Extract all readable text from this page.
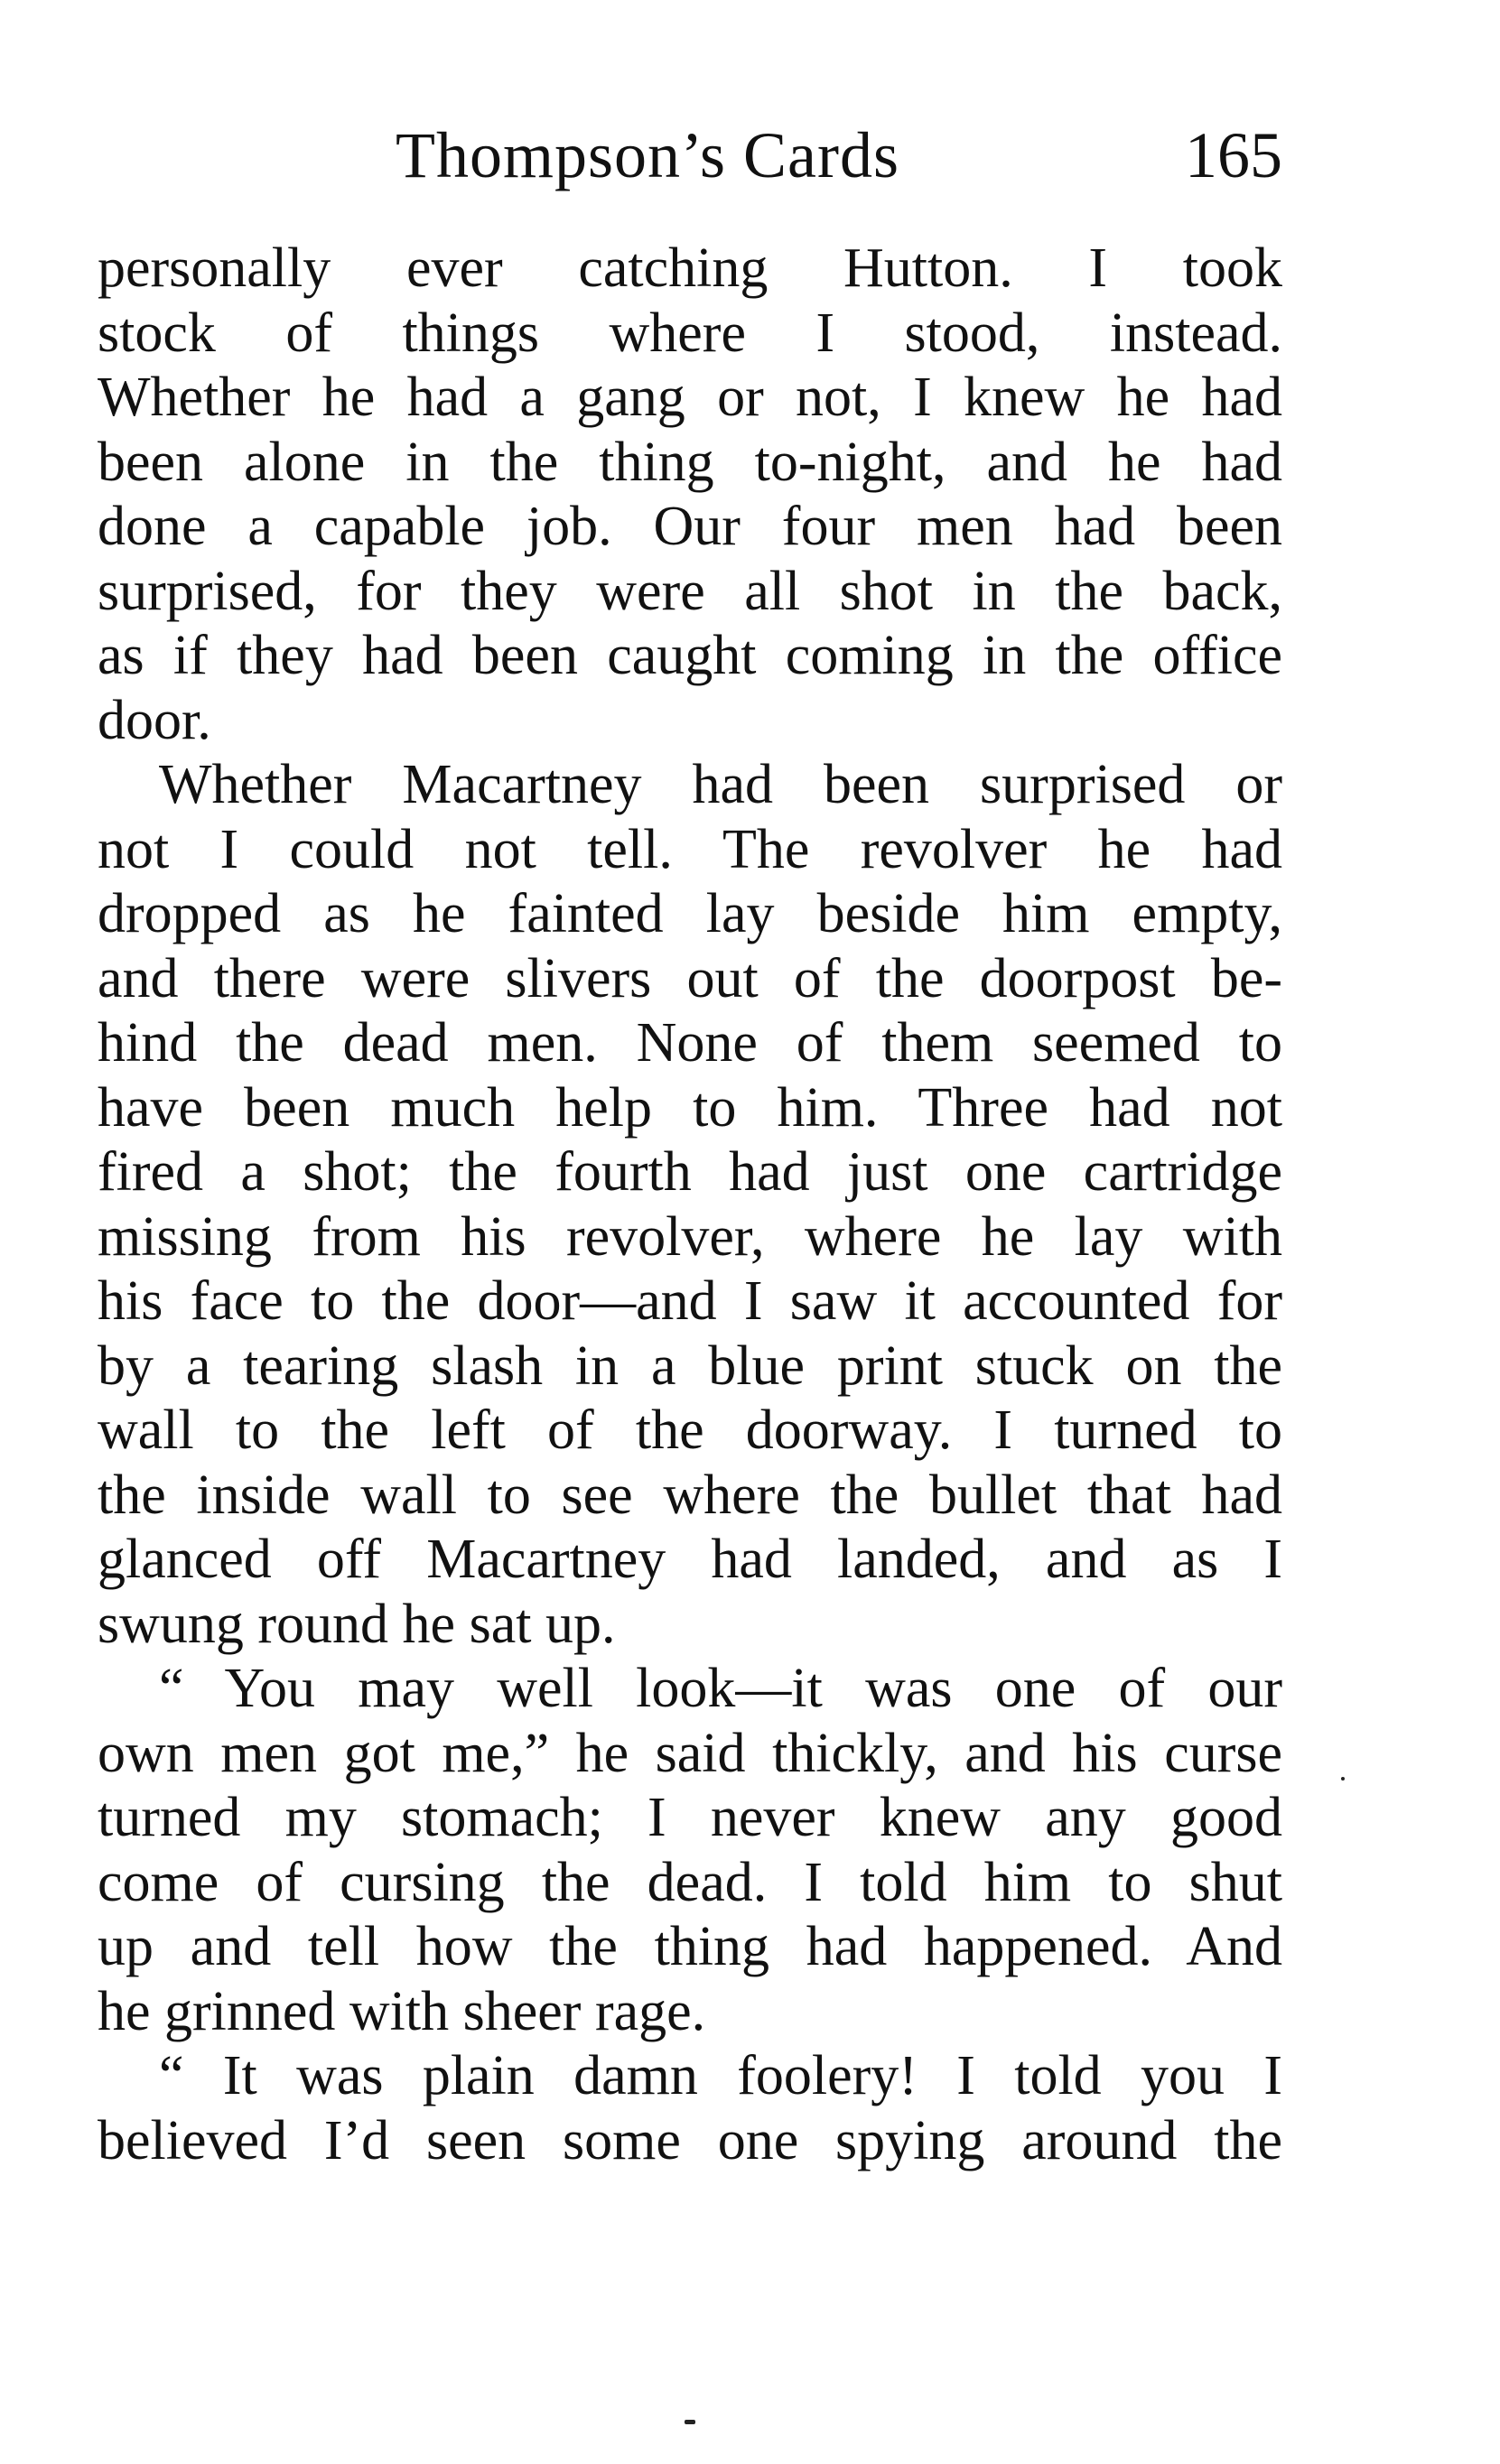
Thompson’s Cards	165
personally ever catching Hutton. I took
stock of things where I stood, instead.
Whether he had a gang or not, I knew he had
been alone in the thing to-night, and he had
done a capable job. Our four men had been
surprised, for they were all shot in the back,
as if they had been caught coming in the office
door.
Whether Macartney had been surprised or
not I could not tell. The revolver he had
dropped as he fainted lay beside him empty,
and there were slivers out of the doorpost be-
hind the dead men. None of them seemed to
have been much help to him. Three had not
fired a shot; the fourth had just one cartridge
missing from his revolver, where he lay with
his face to the door—and I saw it accounted for
by a tearing slash in a blue print stuck on the
wall to the left of the doorway. I turned to
the inside wall to see where the bullet that had
glanced off Macartney had landed, and as I
swung round he sat up.
“ You may well look—it was one of our
own men got me,” he said thickly, and his curse
turned my stomach; I never knew any good
come of cursing the dead. I told him to shut
up and tell how the thing had happened. And
he grinned with sheer rage.
“ It was plain damn foolery! I told you I
believed I’d seen some one spying around the
